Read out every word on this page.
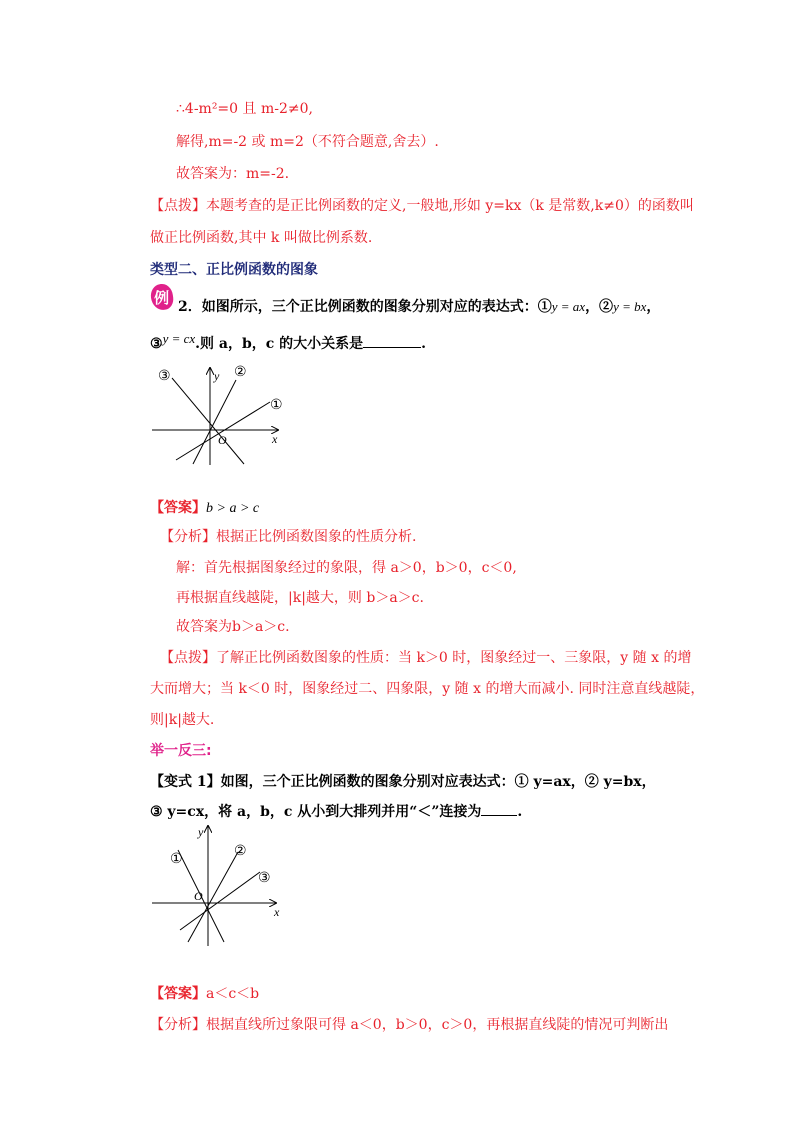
∴4-m²=0 且 m-2≠0,
解得,m=-2 或 m=2（不符合题意,舍去）.
故答案为：m=-2.
【点拨】本题考查的是正比例函数的定义,一般地,形如 y=kx（k 是常数,k≠0）的函数叫
做正比例函数,其中 k 叫做比例系数.
类型二、正比例函数的图象
例 2．如图所示，三个正比例函数的图象分别对应的表达式：①y = ax，②y = bx，
③y = cx.则 a，b，c 的大小关系是	.
③	②
①
y
x
O
【答案】b > a > c
【分析】根据正比例函数图象的性质分析.
解：首先根据图象经过的象限，得 a＞0，b＞0，c＜0,
再根据直线越陡，|k|越大，则 b＞a＞c.
故答案为b＞a＞c.
【点拨】了解正比例函数图象的性质：当 k＞0 时，图象经过一、三象限，y 随 x 的增
大而增大；当 k＜0 时，图象经过二、四象限，y 随 x 的增大而减小. 同时注意直线越陡，
则|k|越大.
举一反三:
【变式 1】如图，三个正比例函数的图象分别对应表达式：① y=ax，② y=bx，
③ y=cx，将 a，b，c 从小到大排列并用“＜”连接为	.
①
②
③
y
x
O
【答案】a＜c＜b
【分析】根据直线所过象限可得 a＜0，b＞0，c＞0，再根据直线陡的情况可判断出
